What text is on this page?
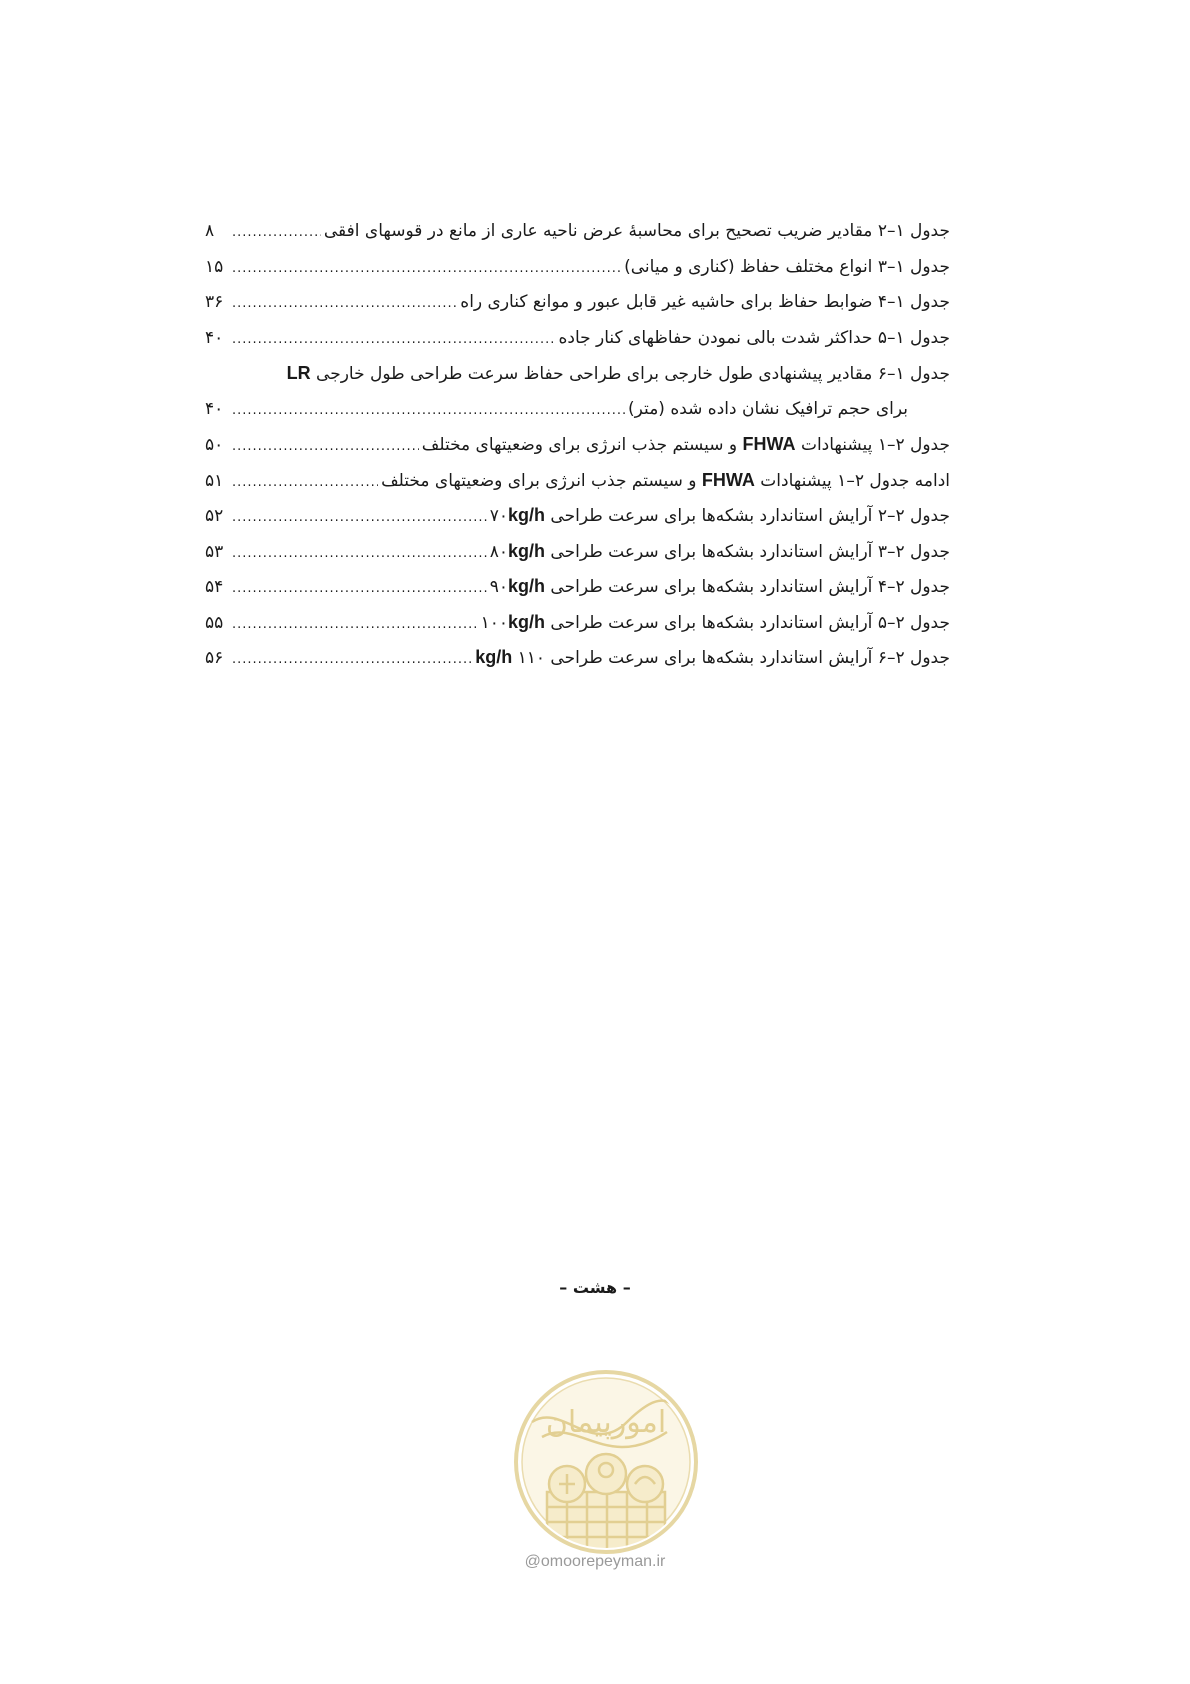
جدول ۱–۲ مقادیر ضریب تصحیح برای محاسبهٔ عرض ناحیه عاری از مانع در قوسهای افقی
.....
۸
جدول ۱–۳ انواع مختلف حفاظ (کناری و میانی)
.....
۱۵
جدول ۱–۴ ضوابط حفاظ برای حاشیه غیر قابل عبور و موانع کناری راه
.....
۳۶
جدول ۱–۵ حداکثر شدت بالی نمودن حفاظهای کنار جاده
.....
۴۰
جدول ۱–۶ مقادیر پیشنهادی طول خارجی برای طراحی حفاظ سرعت طراحی طول خارجی LR
برای حجم ترافیک نشان داده شده (متر)
.....
۴۰
جدول ۲–۱ پیشنهادات FHWA و سیستم جذب انرژی برای وضعیتهای مختلف
.....
۵۰
ادامه جدول ۲–۱ پیشنهادات FHWA و سیستم جذب انرژی برای وضعیتهای مختلف
.....
۵۱
جدول ۲–۲ آرایش استاندارد بشکه‌ها برای سرعت طراحی ۷۰kg/h
.....
۵۲
جدول ۲–۳ آرایش استاندارد بشکه‌ها برای سرعت طراحی ۸۰kg/h
.....
۵۳
جدول ۲–۴ آرایش استاندارد بشکه‌ها برای سرعت طراحی ۹۰kg/h
.....
۵۴
جدول ۲–۵ آرایش استاندارد بشکه‌ها برای سرعت طراحی ۱۰۰kg/h
.....
۵۵
جدول ۲–۶ آرایش استاندارد بشکه‌ها برای سرعت طراحی ۱۱۰ kg/h
.....
۵۶
– هشت –
امورپیمان
@omoorepeyman.ir
